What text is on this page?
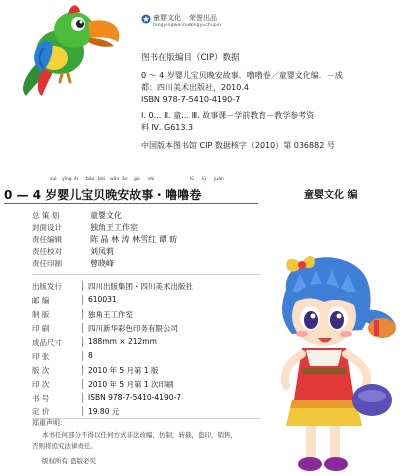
童婴文化 荣誉出品
tongyingwenhua
rongyuchupin
图书在版编目（CIP）数据
0 ～ 4 岁婴儿宝贝晚安故事．噜噜卷／童婴文化编．－成
都：四川美术出版社，2010.4
ISBN 978-7-5410-4190-7
Ⅰ. 0… Ⅱ. 童… Ⅲ. 故事课－学前教育－教学参考资
料 Ⅳ. G613.3
中国版本图书馆 CIP 数据核字（2010）第 036882 号
suì yīng ér bǎo bèi wǎn ān gù shi	lū lū juàn
0 — 4 岁婴儿宝贝晚安故事・噜噜卷	童婴文化 编
总 策 划	童婴文化
封面设计	独角王工作室
责任编辑	陈 晶 林 涛 林雪红 谭 昉
责任校对	刘凤莉
责任印制	曾晓峰
出版发行	四川出版集团・四川美术出版社
邮 编	610031
制 版	独角王工作室
印 刷	四川新华彩色印务有限公司
成品尺寸	188mm × 212mm
印 张	8
版 次	2010 年 5 月第 1 版
印 次	2010 年 5 月第 1 次印刷
书 号	ISBN 978-7-5410-4190-7
定 价	19.80 元
郑重声明：
本书任何部分不得以任何方式非法改编，仿制，转载，盗印，销售，
否则将追究法律责任。
版权所有 盗版必究
